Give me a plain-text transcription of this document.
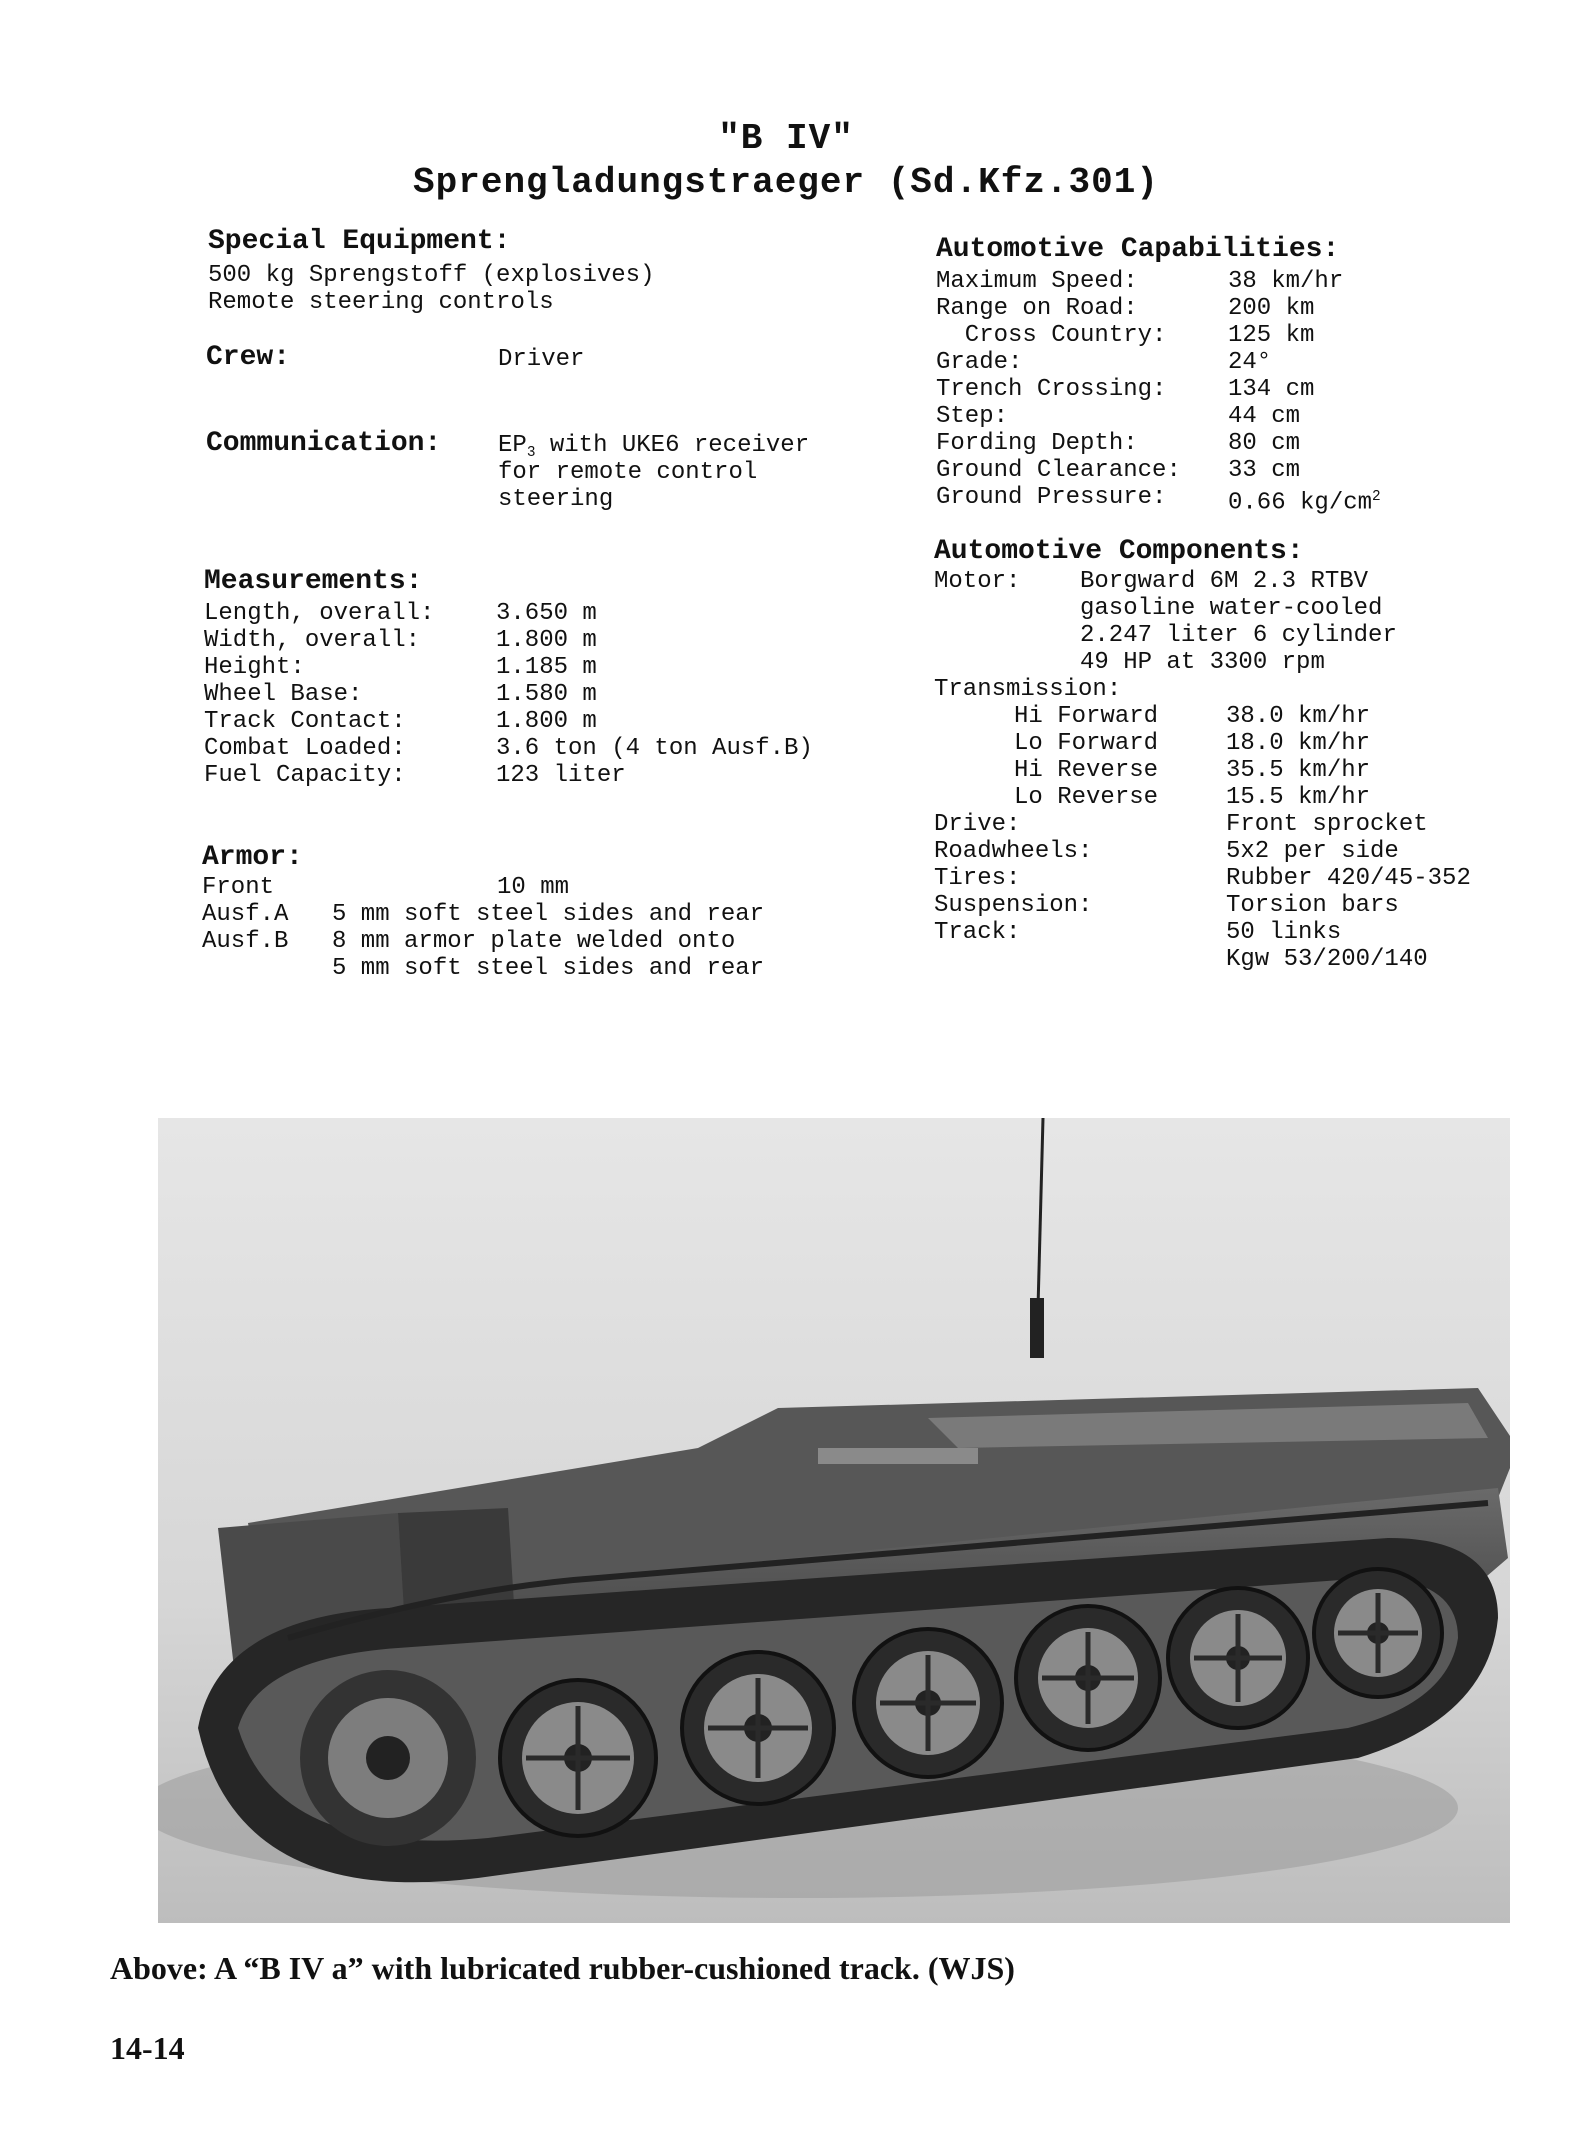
"B IV"
Sprengladungstraeger (Sd.Kfz.301)
Special Equipment:
500 kg Sprengstoff (explosives)
Remote steering controls
Crew:	Driver
Communication: $EP_3$ with UKE6 receiver
for remote control
steering
Measurements:
Length, overall:	3.650 m
Width, overall:	1.800 m
Height:	1.185 m
Wheel Base:	1.580 m
Track Contact:	1.800 m
Combat Loaded:	3.6 ton (4 ton Ausf.B)
Fuel Capacity:	123 liter
Armor:
Front	10 mm
Ausf.A	5 mm soft steel sides and rear
Ausf.B	8 mm armor plate welded onto
	5 mm soft steel sides and rear
Automotive Capabilities:
Maximum Speed:	38 km/hr
Range on Road:	200 km
Cross Country:	125 km
Grade:	24°
Trench Crossing:	134 cm
Step:	44 cm
Fording Depth:	80 cm
Ground Clearance:	33 cm
Ground Pressure:	0.66 $kg/cm^2$
Automotive Components:
Motor: Borgward 6M 2.3 RTBV
gasoline water-cooled
2.247 liter 6 cylinder
49 HP at 3300 rpm
Transmission:
Hi Forward	38.0 km/hr
Lo Forward	18.0 km/hr
Hi Reverse	35.5 km/hr
Lo Reverse	15.5 km/hr
Drive:	Front sprocket
Roadwheels:	5x2 per side
Tires:	Rubber 420/45-352
Suspension:	Torsion bars
Track:	50 links
	Kgw 53/200/140
Above: A “B IV a” with lubricated rubber-cushioned track. (WJS)
14-14
